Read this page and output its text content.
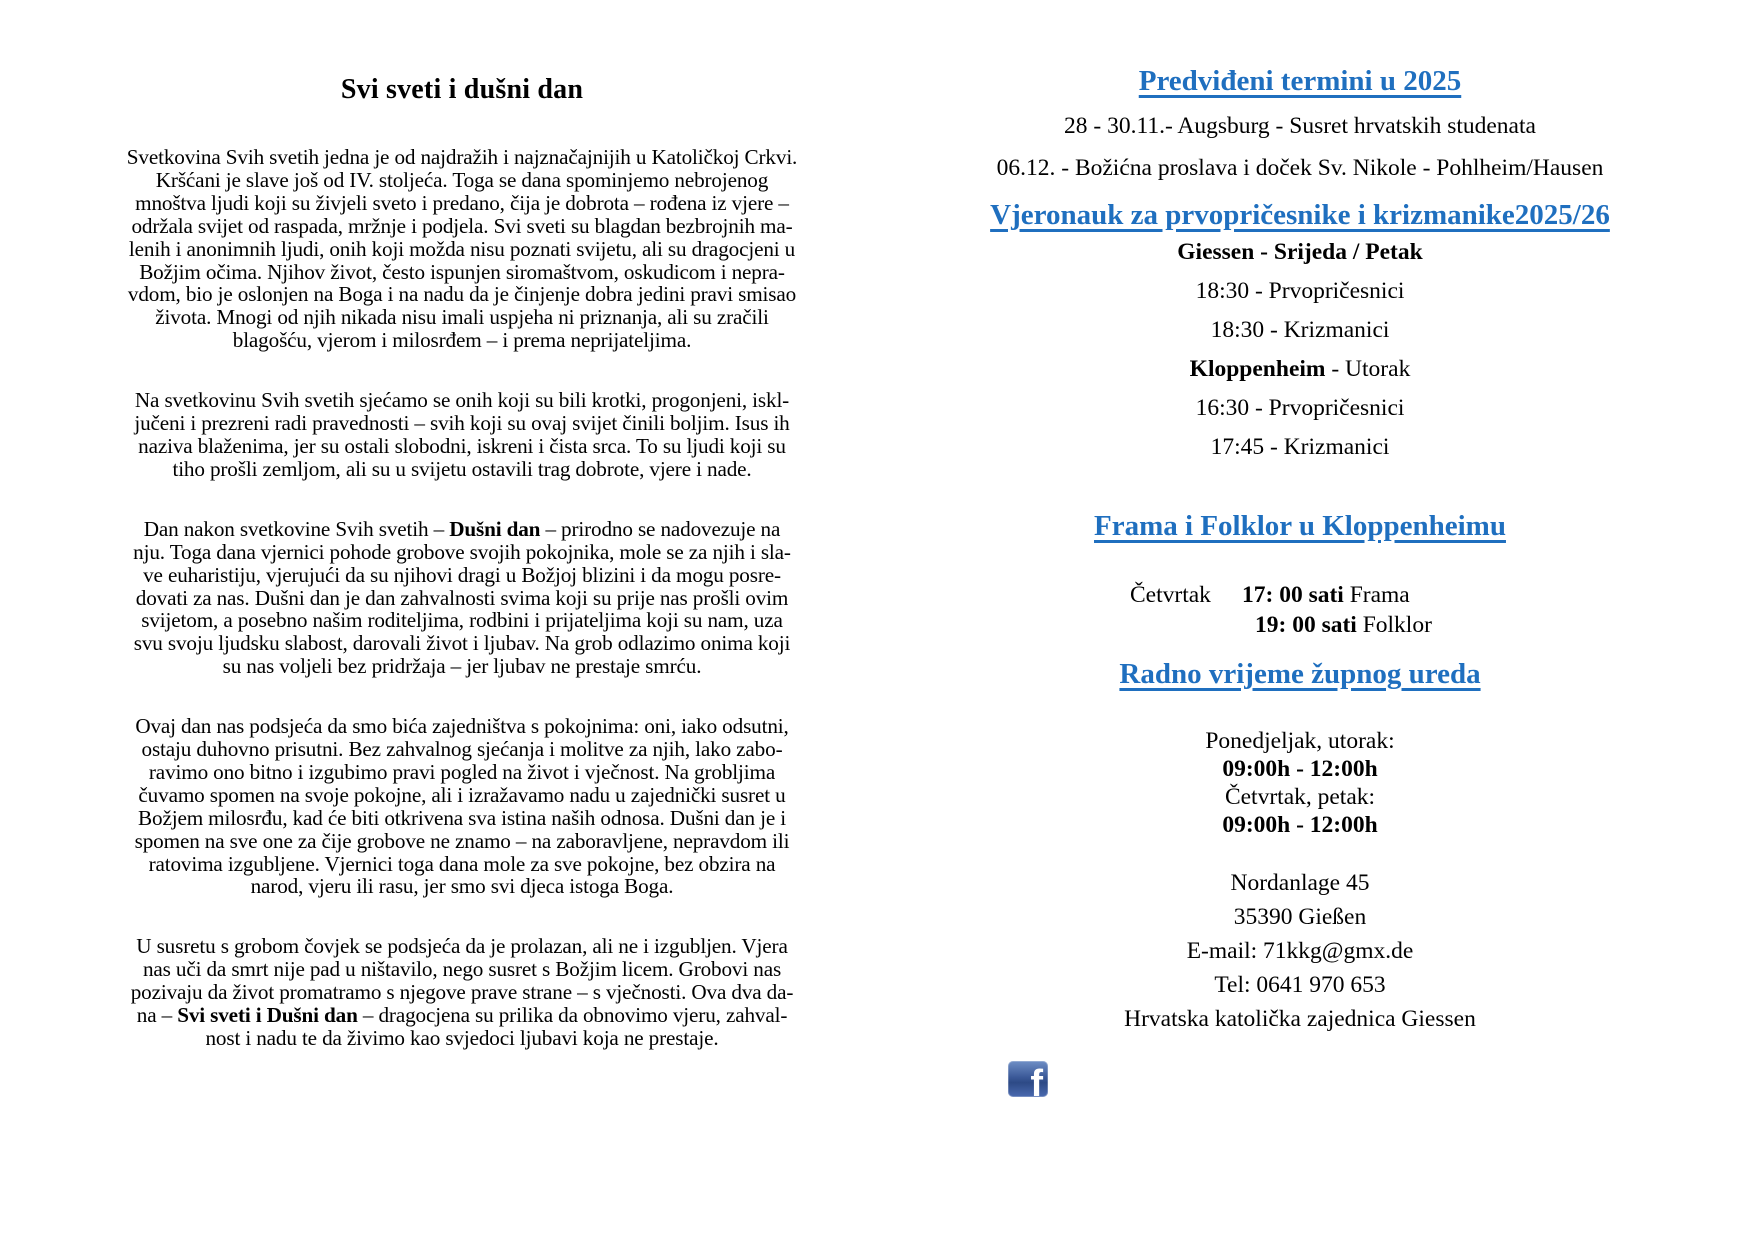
Svi sveti i dušni dan
Svetkovina Svih svetih jedna je od najdražih i najznačajnijih u Katoličkoj Crkvi.
Kršćani je slave još od IV. stoljeća. Toga se dana spominjemo nebrojenog
mnoštva ljudi koji su živjeli sveto i predano, čija je dobrota – rođena iz vjere –
održala svijet od raspada, mržnje i podjela. Svi sveti su blagdan bezbrojnih ma-
lenih i anonimnih ljudi, onih koji možda nisu poznati svijetu, ali su dragocjeni u
Božjim očima. Njihov život, često ispunjen siromaštvom, oskudicom i nepra-
vdom, bio je oslonjen na Boga i na nadu da je činjenje dobra jedini pravi smisao
života. Mnogi od njih nikada nisu imali uspjeha ni priznanja, ali su zračili
blagošću, vjerom i milosrđem – i prema neprijateljima.
Na svetkovinu Svih svetih sjećamo se onih koji su bili krotki, progonjeni, iskl-
jučeni i prezreni radi pravednosti – svih koji su ovaj svijet činili boljim. Isus ih
naziva blaženima, jer su ostali slobodni, iskreni i čista srca. To su ljudi koji su
tiho prošli zemljom, ali su u svijetu ostavili trag dobrote, vjere i nade.
Dan nakon svetkovine Svih svetih – Dušni dan – prirodno se nadovezuje na
nju. Toga dana vjernici pohode grobove svojih pokojnika, mole se za njih i sla-
ve euharistiju, vjerujući da su njihovi dragi u Božjoj blizini i da mogu posre-
dovati za nas. Dušni dan je dan zahvalnosti svima koji su prije nas prošli ovim
svijetom, a posebno našim roditeljima, rodbini i prijateljima koji su nam, uza
svu svoju ljudsku slabost, darovali život i ljubav. Na grob odlazimo onima koji
su nas voljeli bez pridržaja – jer ljubav ne prestaje smrću.
Ovaj dan nas podsjeća da smo bića zajedništva s pokojnima: oni, iako odsutni,
ostaju duhovno prisutni. Bez zahvalnog sjećanja i molitve za njih, lako zabo-
ravimo ono bitno i izgubimo pravi pogled na život i vječnost. Na grobljima
čuvamo spomen na svoje pokojne, ali i izražavamo nadu u zajednički susret u
Božjem milosrđu, kad će biti otkrivena sva istina naših odnosa. Dušni dan je i
spomen na sve one za čije grobove ne znamo – na zaboravljene, nepravdom ili
ratovima izgubljene. Vjernici toga dana mole za sve pokojne, bez obzira na
narod, vjeru ili rasu, jer smo svi djeca istoga Boga.
U susretu s grobom čovjek se podsjeća da je prolazan, ali ne i izgubljen. Vjera
nas uči da smrt nije pad u ništavilo, nego susret s Božjim licem. Grobovi nas
pozivaju da život promatramo s njegove prave strane – s vječnosti. Ova dva da-
na – Svi sveti i Dušni dan – dragocjena su prilika da obnovimo vjeru, zahval-
nost i nadu te da živimo kao svjedoci ljubavi koja ne prestaje.
Predviđeni termini u 2025
28 - 30.11.- Augsburg - Susret hrvatskih studenata
06.12. - Božićna proslava i doček Sv. Nikole - Pohlheim/Hausen
Vjeronauk za prvopričesnike i krizmanike2025/26
Giessen - Srijeda / Petak
18:30 - Prvopričesnici
18:30 - Krizmanici
Kloppenheim - Utorak
16:30 - Prvopričesnici
17:45 - Krizmanici
Frama i Folklor u Kloppenheimu
Četvrtak 17: 00 sati Frama
19: 00 sati Folklor
Radno vrijeme župnog ureda
Ponedjeljak, utorak:
09:00h - 12:00h
Četvrtak, petak:
09:00h - 12:00h
Nordanlage 45
35390 Gießen
E-mail: 71kkg@gmx.de
Tel: 0641 970 653
Hrvatska katolička zajednica Giessen
f
